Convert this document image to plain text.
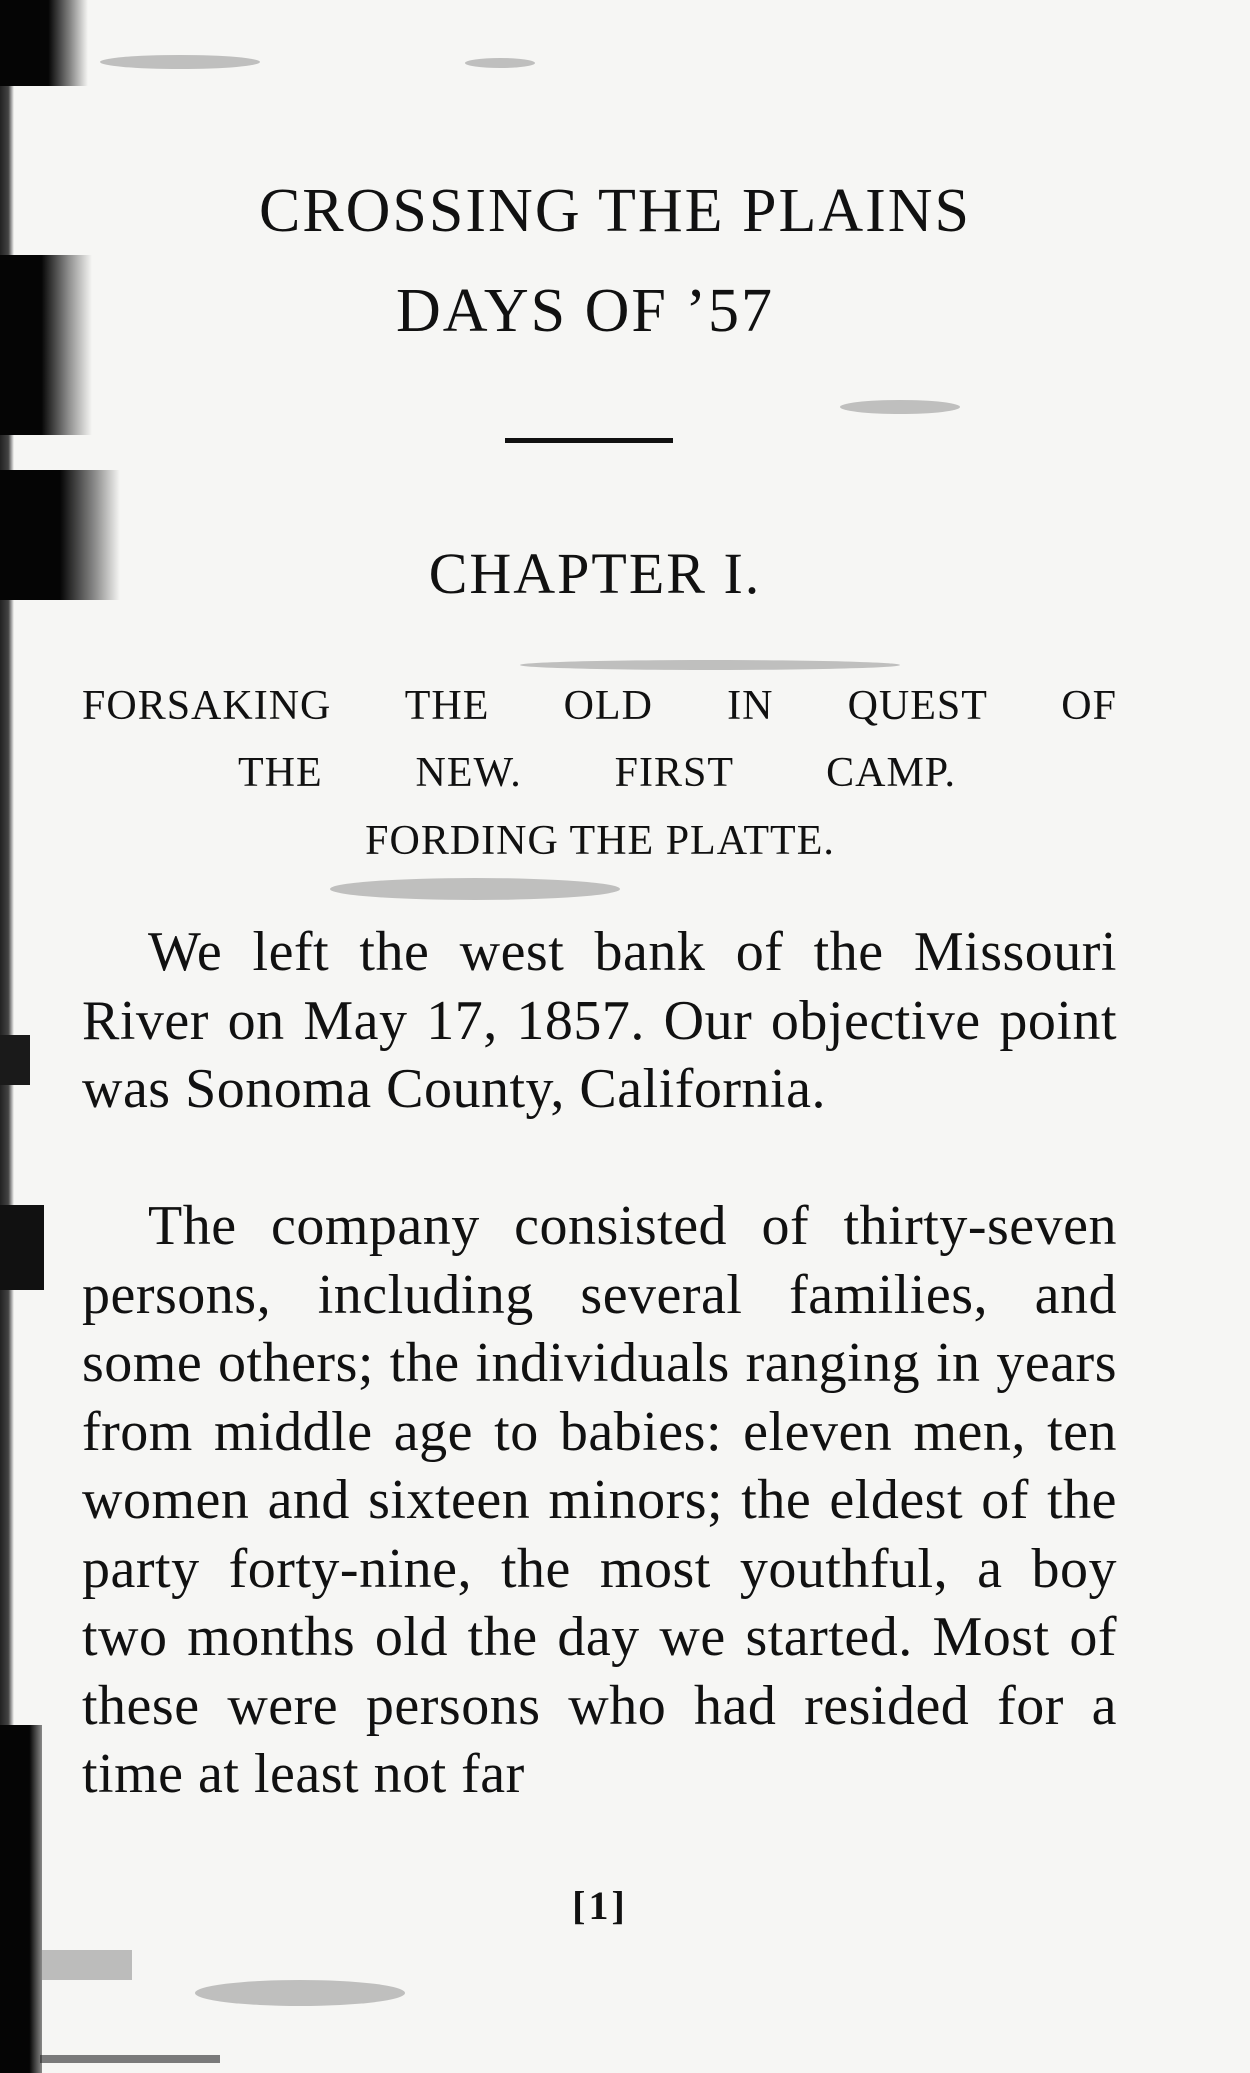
CROSSING THE PLAINS
DAYS OF ’57
CHAPTER I.
FORSAKING THE OLD IN QUEST OF
THE NEW. FIRST CAMP.
FORDING THE PLATTE.

We left the west bank of the Missouri River on May 17, 1857. Our objective point was Sonoma County, California.

The company consisted of thirty-seven persons, including several families, and some others; the individuals ranging in years from middle age to babies: eleven men, ten women and sixteen minors; the eldest of the party forty-nine, the most youthful, a boy two months old the day we started. Most of these were persons who had resided for a time at least not far

[1]
